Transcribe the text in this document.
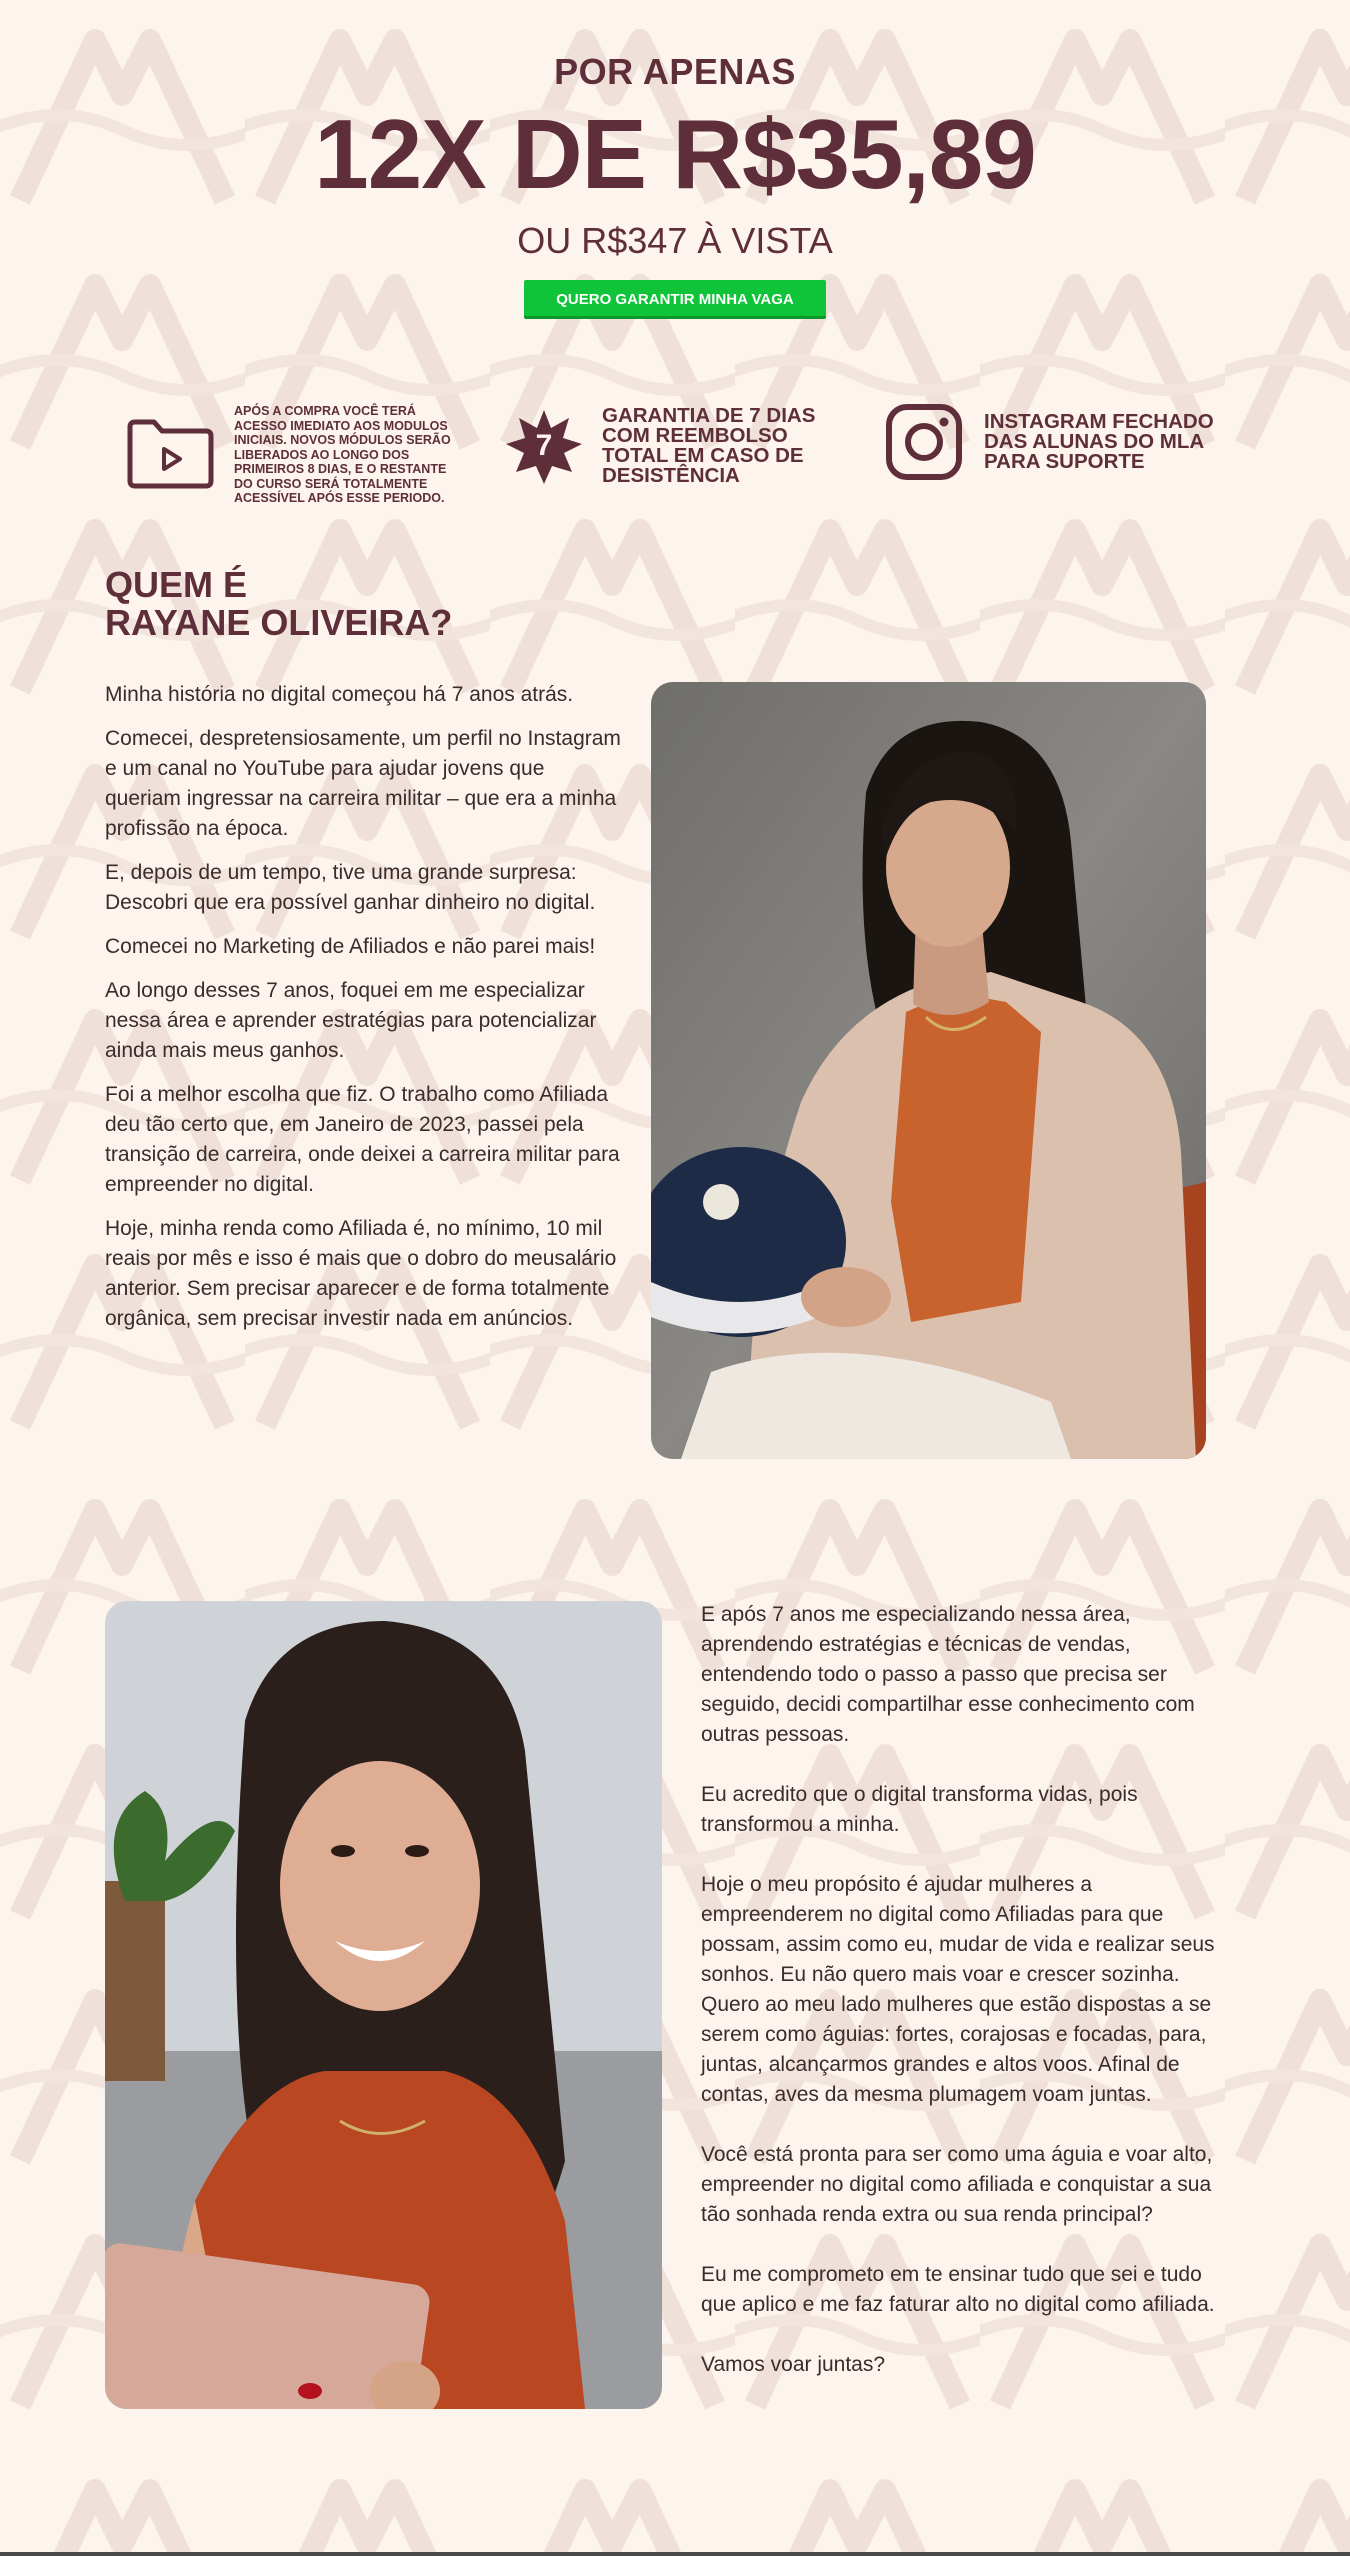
POR APENAS
12X DE R$35,89
OU R$347 À VISTA
QUERO GARANTIR MINHA VAGA
APÓS A COMPRA VOCÊ TERÁ ACESSO IMEDIATO AOS MODULOS INICIAIS. NOVOS MÓDULOS SERÃO LIBERADOS AO LONGO DOS PRIMEIROS 8 DIAS, E O RESTANTE DO CURSO SERÁ TOTALMENTE ACESSÍVEL APÓS ESSE PERIODO.
7
GARANTIA DE 7 DIAS COM REEMBOLSO TOTAL EM CASO DE DESISTÊNCIA
INSTAGRAM FECHADO DAS ALUNAS DO MLA PARA SUPORTE
QUEM É
RAYANE OLIVEIRA?

Minha história no digital começou há 7 anos atrás.

Comecei, despretensiosamente, um perfil no Instagram e um canal no YouTube para ajudar jovens que queriam ingressar na carreira militar – que era a minha profissão na época.

E, depois de um tempo, tive uma grande surpresa: Descobri que era possível ganhar dinheiro no digital.

Comecei no Marketing de Afiliados e não parei mais!

Ao longo desses 7 anos, foquei em me especializar nessa área e aprender estratégias para potencializar ainda mais meus ganhos.

Foi a melhor escolha que fiz. O trabalho como Afiliada deu tão certo que, em Janeiro de 2023, passei pela transição de carreira, onde deixei a carreira militar para empreender no digital.

Hoje, minha renda como Afiliada é, no mínimo, 10 mil reais por mês e isso é mais que o dobro do meusalário anterior. Sem precisar aparecer e de forma totalmente orgânica, sem precisar investir nada em anúncios.

E após 7 anos me especializando nessa área, aprendendo estratégias e técnicas de vendas, entendendo todo o passo a passo que precisa ser seguido, decidi compartilhar esse conhecimento com outras pessoas.

Eu acredito que o digital transforma vidas, pois transformou a minha.

Hoje o meu propósito é ajudar mulheres a empreenderem no digital como Afiliadas para que possam, assim como eu, mudar de vida e realizar seus sonhos. Eu não quero mais voar e crescer sozinha. Quero ao meu lado mulheres que estão dispostas a se serem como águias: fortes, corajosas e focadas, para, juntas, alcançarmos grandes e altos voos. Afinal de contas, aves da mesma plumagem voam juntas.

Você está pronta para ser como uma águia e voar alto, empreender no digital como afiliada e conquistar a sua tão sonhada renda extra ou sua renda principal?

Eu me comprometo em te ensinar tudo que sei e tudo que aplico e me faz faturar alto no digital como afiliada.

Vamos voar juntas?
